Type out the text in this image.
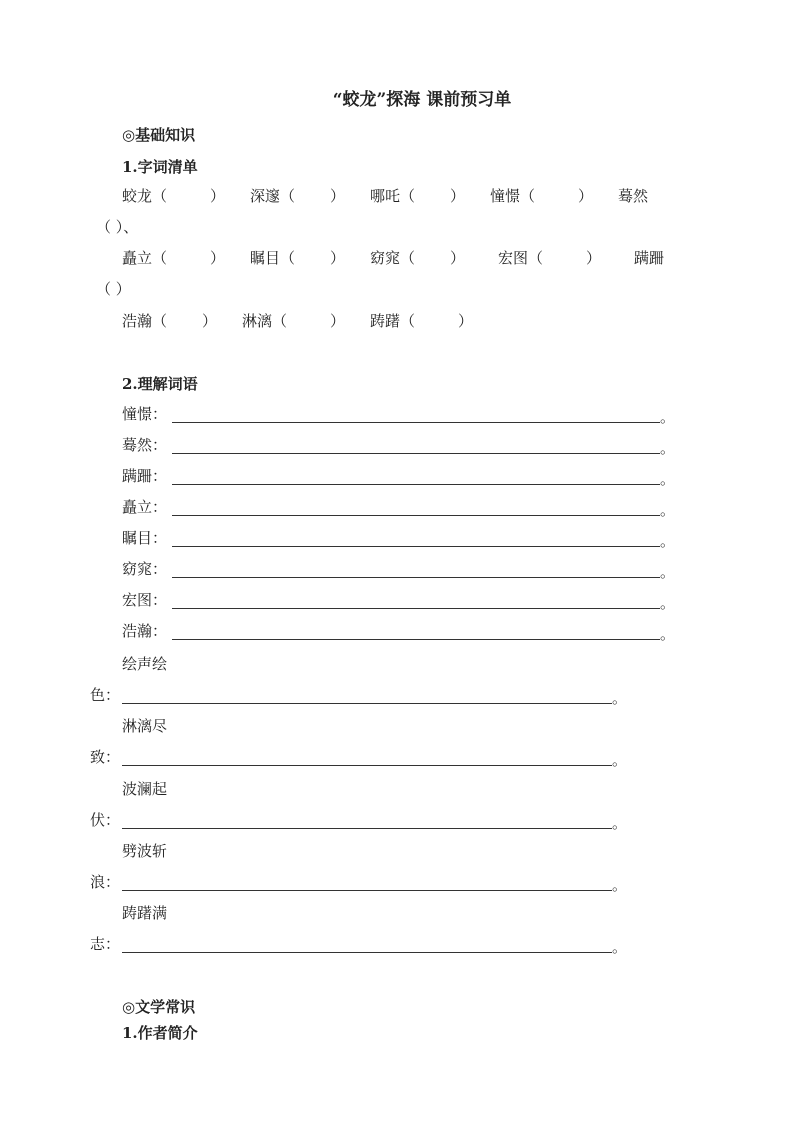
“蛟龙”探海 课前预习单
◎基础知识
1.字词清单
蛟龙（	） 深邃（ ） 哪吒（ ） 憧憬（	） 蓦然
（ ）、
矗立（	） 瞩目（ ） 窈窕（ ） 宏图（	） 蹒跚
（ ）
浩瀚（ ） 淋漓（	） 踌躇（	）
2.理解词语
憧憬：	。
蓦然：	。
蹒跚：	。
矗立：	。
瞩目：	。
窈窕：	。
宏图：	。
浩瀚：	。
绘声绘
色：	。
淋漓尽
致：	。
波澜起
伏：	。
劈波斩
浪：	。
踌躇满
志：	。
◎文学常识
1.作者简介
